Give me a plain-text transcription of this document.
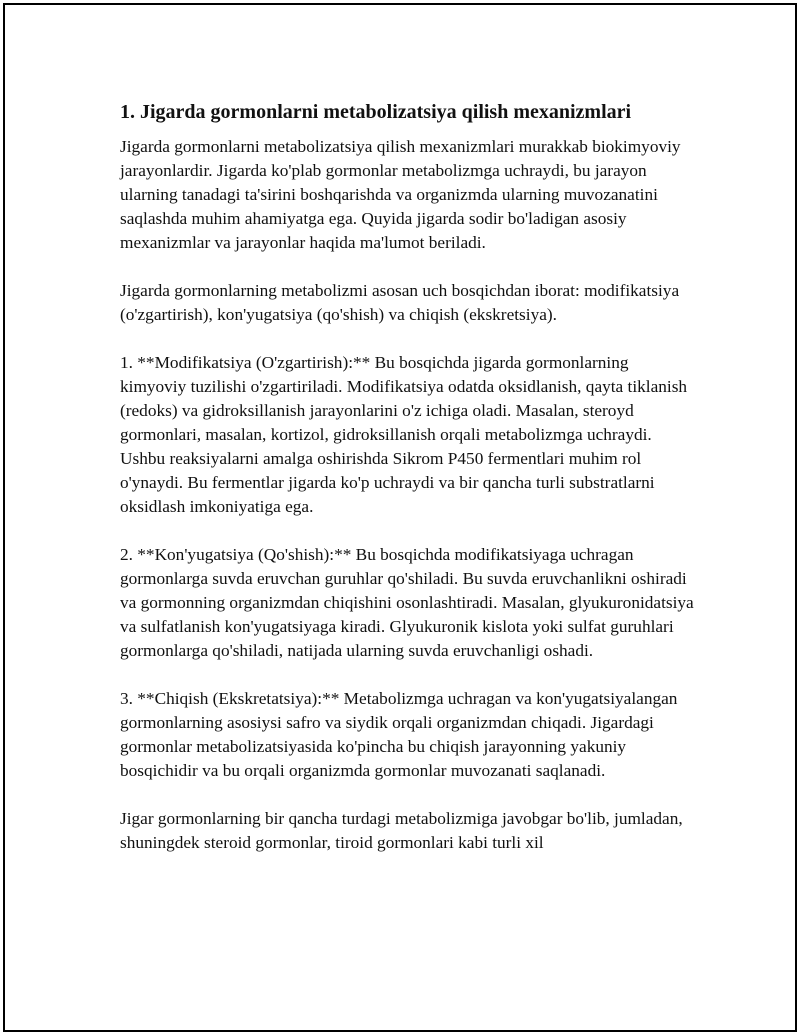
1. Jigarda gormonlarni metabolizatsiya qilish mexanizmlari

Jigarda gormonlarni metabolizatsiya qilish mexanizmlari murakkab biokimyoviy jarayonlardir. Jigarda ko'plab gormonlar metabolizmga uchraydi, bu jarayon ularning tanadagi ta'sirini boshqarishda va organizmda ularning muvozanatini saqlashda muhim ahamiyatga ega. Quyida jigarda sodir bo'ladigan asosiy mexanizmlar va jarayonlar haqida ma'lumot beriladi.

Jigarda gormonlarning metabolizmi asosan uch bosqichdan iborat: modifikatsiya (o'zgartirish), kon'yugatsiya (qo'shish) va chiqish (ekskretsiya).

1. **Modifikatsiya (O'zgartirish):** Bu bosqichda jigarda gormonlarning kimyoviy tuzilishi o'zgartiriladi. Modifikatsiya odatda oksidlanish, qayta tiklanish (redoks) va gidroksillanish jarayonlarini o'z ichiga oladi. Masalan, steroyd gormonlari, masalan, kortizol, gidroksillanish orqali metabolizmga uchraydi. Ushbu reaksiyalarni amalga oshirishda Sikrom P450 fermentlari muhim rol o'ynaydi. Bu fermentlar jigarda ko'p uchraydi va bir qancha turli substratlarni oksidlash imkoniyatiga ega.

2. **Kon'yugatsiya (Qo'shish):** Bu bosqichda modifikatsiyaga uchragan gormonlarga suvda eruvchan guruhlar qo'shiladi. Bu suvda eruvchanlikni oshiradi va gormonning organizmdan chiqishini osonlashtiradi. Masalan, glyukuronidatsiya va sulfatlanish kon'yugatsiyaga kiradi. Glyukuronik kislota yoki sulfat guruhlari gormonlarga qo'shiladi, natijada ularning suvda eruvchanligi oshadi.

3. **Chiqish (Ekskretatsiya):** Metabolizmga uchragan va kon'yugatsiyalangan gormonlarning asosiysi safro va siydik orqali organizmdan chiqadi. Jigardagi gormonlar metabolizatsiyasida ko'pincha bu chiqish jarayonning yakuniy bosqichidir va bu orqali organizmda gormonlar muvozanati saqlanadi.

Jigar gormonlarning bir qancha turdagi metabolizmiga javobgar bo'lib, jumladan, shuningdek steroid gormonlar, tiroid gormonlari kabi turli xil
